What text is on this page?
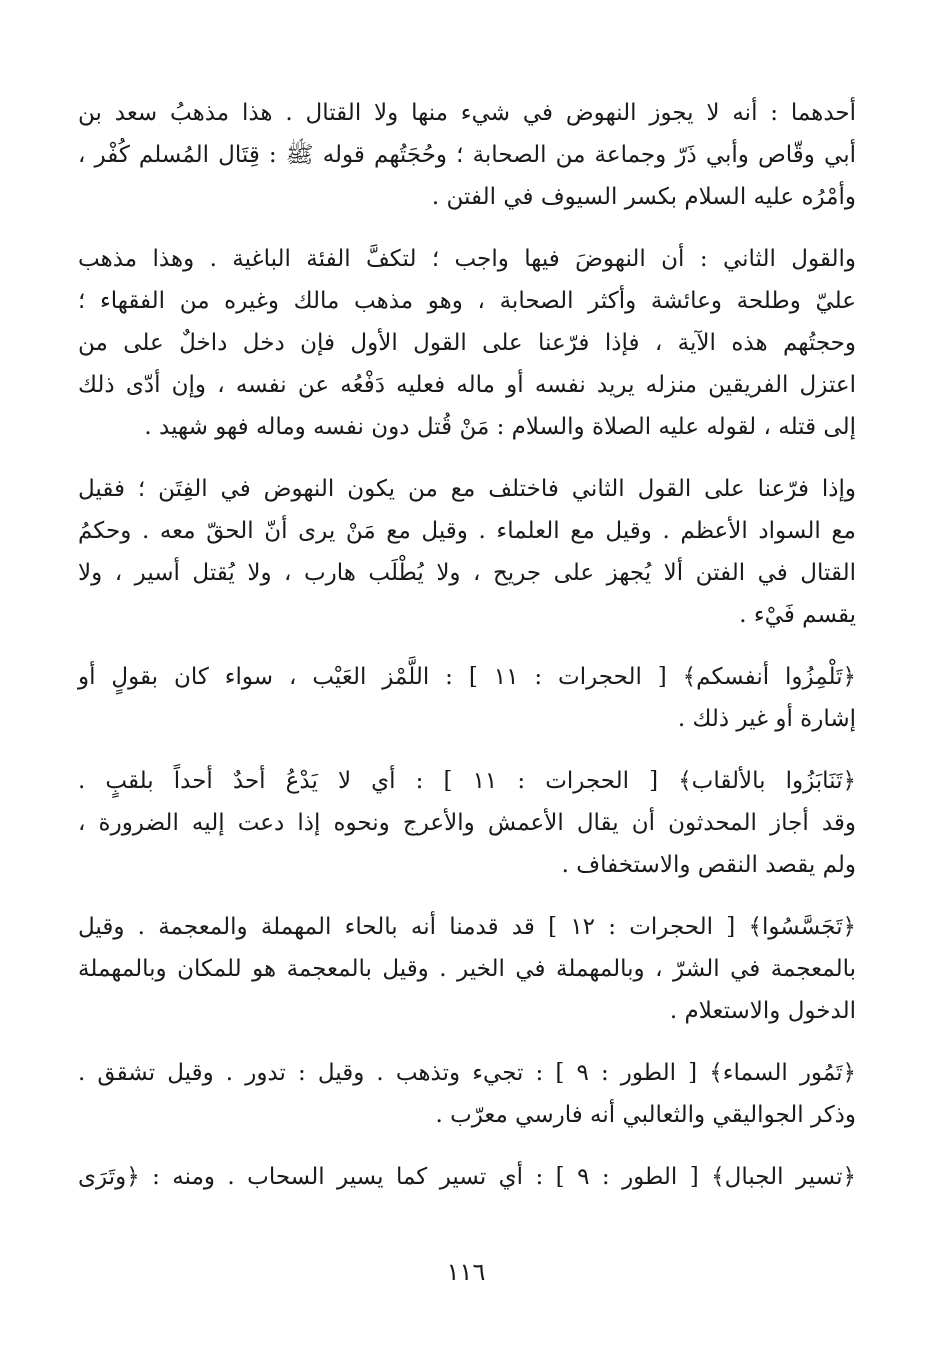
أحدهما : أنه لا يجوز النهوض في شيء منها ولا القتال . هذا مذهبُ سعد بن
أبي وقّاص وأبي ذَرّ وجماعة من الصحابة ؛ وحُجَتُهم قوله ﷺ : قِتَال المُسلم كُفْر ،
وأمْرُه عليه السلام بكسر السيوف في الفتن .

والقول الثاني : أن النهوضَ فيها واجب ؛ لتكفَّ الفئة الباغية . وهذا مذهب
عليّ وطلحة وعائشة وأكثر الصحابة ، وهو مذهب مالك وغيره من الفقهاء ؛
وحجتُهم هذه الآية ، فإذا فرّعنا على القول الأول فإن دخل داخلٌ على من
اعتزل الفريقين منزله يريد نفسه أو ماله فعليه دَفْعُه عن نفسه ، وإن أدّى ذلك
إلى قتله ، لقوله عليه الصلاة والسلام : مَنْ قُتل دون نفسه وماله فهو شهيد .

وإذا فرّعنا على القول الثاني فاختلف مع من يكون النهوض في الفِتَن ؛ فقيل
مع السواد الأعظم . وقيل مع العلماء . وقيل مع مَنْ يرى أنّ الحقّ معه . وحكمُ
القتال في الفتن ألا يُجهز على جريح ، ولا يُطْلَب هارب ، ولا يُقتل أسير ، ولا
يقسم فَيْء .

﴿تَلْمِزُوا أنفسكم﴾ [ الحجرات : ١١ ] : اللَّمْز العَيْب ، سواء كان بقولٍ أو
إشارة أو غير ذلك .

﴿تَنَابَزُوا بالألقاب﴾ [ الحجرات : ١١ ] : أي لا يَدْعُ أحدٌ أحداً بلقبٍ .
وقد أجاز المحدثون أن يقال الأعمش والأعرج ونحوه إذا دعت إليه الضرورة ،
ولم يقصد النقص والاستخفاف .

﴿تَجَسَّسُوا﴾ [ الحجرات : ١٢ ] قد قدمنا أنه بالحاء المهملة والمعجمة . وقيل
بالمعجمة في الشرّ ، وبالمهملة في الخير . وقيل بالمعجمة هو للمكان وبالمهملة
الدخول والاستعلام .

﴿تَمُور السماء﴾ [ الطور : ٩ ] : تجيء وتذهب . وقيل : تدور . وقيل تشقق .
وذكر الجواليقي والثعالبي أنه فارسي معرّب .

﴿تسير الجبال﴾ [ الطور : ٩ ] : أي تسير كما يسير السحاب . ومنه : ﴿وتَرَى

١١٦
